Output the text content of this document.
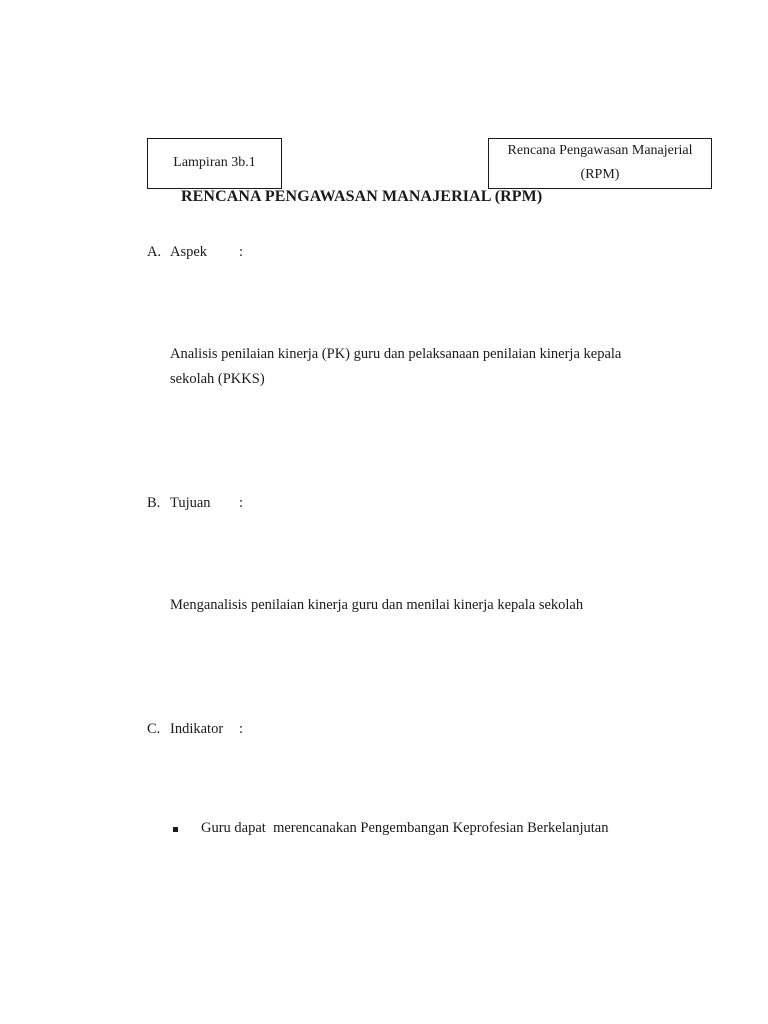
Lampiran 3b.1
Rencana Pengawasan Manajerial
(RPM)
RENCANA PENGAWASAN MANAJERIAL (RPM)
A. Aspek :
Analisis penilaian kinerja (PK) guru dan pelaksanaan penilaian kinerja kepala
sekolah (PKKS)
B. Tujuan :
Menganalisis penilaian kinerja guru dan menilai kinerja kepala sekolah
C. Indikator :
Guru dapat  merencanakan Pengembangan Keprofesian Berkelanjutan
